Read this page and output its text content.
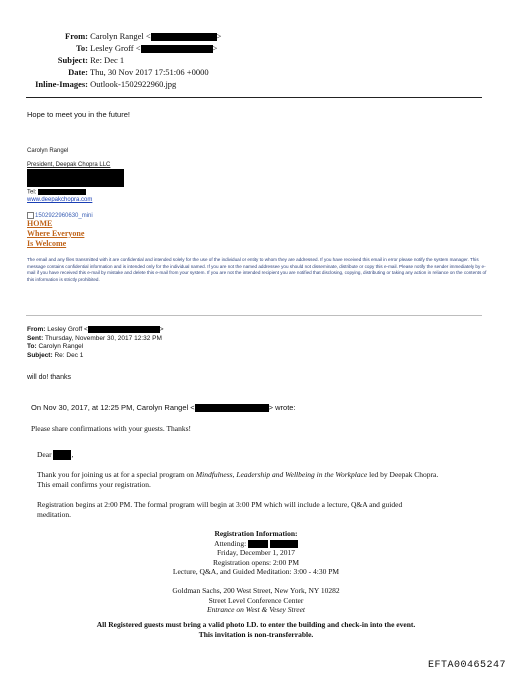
From: Carolyn Rangel <	>
To: Lesley Groff <	>
Subject: Re: Dec 1
Date: Thu, 30 Nov 2017 17:51:06 +0000
Inline-Images: Outlook-1502922960.jpg
Hope to meet you in the future!
Carolyn Rangel
President, Deepak Chopra LLC
Tel:
www.deepakchopra.com
1502922960630_mini
HOME
Where Everyone
Is Welcome
The email and any files transmitted with it are confidential and intended solely for the use of the individual or entity to whom they are addressed. If you have received this email in error please notify the system manager. This message contains confidential information and is intended only for the individual named. If you are not the named addressee you should not disseminate, distribute or copy this e-mail. Please notify the sender immediately by e-mail if you have received this e-mail by mistake and delete this e-mail from your system. If you are not the intended recipient you are notified that disclosing, copying, distributing or taking any action in reliance on the contents of this information is strictly prohibited.
From: Lesley Groff <	>
Sent: Thursday, November 30, 2017 12:32 PM
To: Carolyn Rangel
Subject: Re: Dec 1
will do! thanks
On Nov 30, 2017, at 12:25 PM, Carolyn Rangel <	> wrote:
Please share confirmations with your guests. Thanks!
Dear	,
Thank you for joining us at for a special program on Mindfulness, Leadership and Wellbeing in the Workplace led by Deepak Chopra.
This email confirms your registration.
Registration begins at 2:00 PM. The formal program will begin at 3:00 PM which will include a lecture, Q&A and guided
meditation.
Registration Information:
Attending:
Friday, December 1, 2017
Registration opens: 2:00 PM
Lecture, Q&A, and Guided Meditation: 3:00 - 4:30 PM
Goldman Sachs, 200 West Street, New York, NY 10282
Street Level Conference Center
Entrance on West & Vesey Street
All Registered guests must bring a valid photo I.D. to enter the building and check-in into the event.
This invitation is non-transferrable.
EFTA00465247
